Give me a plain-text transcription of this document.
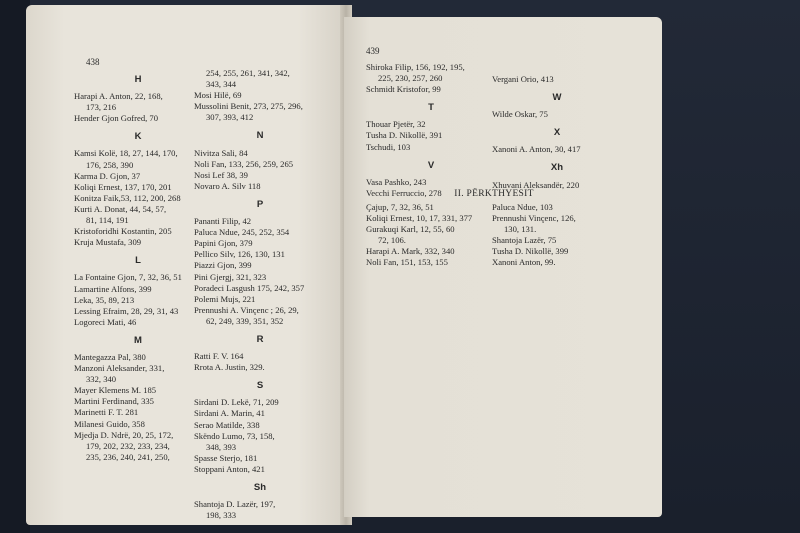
438
H
Harapi A. Anton, 22, 168,
173, 216
Hender Gjon Gofred, 70
K
Kamsi Kolë, 18, 27, 144, 170,
176, 258, 390
Karma D. Gjon, 37
Koliqi Ernest, 137, 170, 201
Konitza Faik,53, 112, 200, 268
Kurti A. Donat, 44, 54, 57,
81, 114, 191
Kristoforidhi Kostantin, 205
Kruja Mustafa, 309
L
La Fontaine Gjon, 7, 32, 36, 51
Lamartine Alfons, 399
Leka, 35, 89, 213
Lessing Efraim, 28, 29, 31, 43
Logoreci Mati, 46
M
Mantegazza Pal, 380
Manzoni Aleksander, 331,
332, 340
Mayer Klemens M. 185
Martini Ferdinand, 335
Marinetti F. T. 281
Milanesi Guido, 358
Mjedja D. Ndrë, 20, 25, 172,
179, 202, 232, 233, 234,
235, 236, 240, 241, 250,
254, 255, 261, 341, 342,
343, 344
Mosi Hilë, 69
Mussolini Benit, 273, 275, 296,
307, 393, 412
N
Nivitza Sali, 84
Noli Fan, 133, 256, 259, 265
Nosi Lef 38, 39
Novaro A. Silv 118
P
Pananti Filip, 42
Paluca Ndue, 245, 252, 354
Papini Gjon, 379
Pellico Silv, 126, 130, 131
Piazzi Gjon, 399
Pini Gjergj, 321, 323
Poradeci Lasgush 175, 242, 357
Polemi Mujs, 221
Prennushi A. Vinçenc ; 26, 29,
62, 249, 339, 351, 352
R
Ratti F. V. 164
Rrota A. Justin, 329.
S
Sirdani D. Lekë, 71, 209
Sirdani A. Marin, 41
Serao Matilde, 338
Skëndo Lumo, 73, 158,
348, 393
Spasse Sterjo, 181
Stoppani Anton, 421
Sh
Shantoja D. Lazër, 197,
198, 333
439
Shiroka Filip, 156, 192, 195,
225, 230, 257, 260
Schmidt Kristofor, 99
T
Thouar Pjetër, 32
Tusha D. Nikollë, 391
Tschudi, 103
V
Vasa Pashko, 243
Vecchi Ferruccio, 278
Vergani Orio, 413
W
Wilde Oskar, 75
X
Xanoni A. Anton, 30, 417
Xh
Xhuvani Aleksandër, 220
II. PËRKTHYESIT
Çajup, 7, 32, 36, 51
Koliqi Ernest, 10, 17, 331, 377
Gurakuqi Karl, 12, 55, 60
72, 106.
Harapi A. Mark, 332, 340
Noli Fan, 151, 153, 155
Paluca Ndue, 103
Prennushi Vinçenc, 126,
130, 131.
Shantoja Lazër, 75
Tusha D. Nikollë, 399
Xanoni Anton, 99.
